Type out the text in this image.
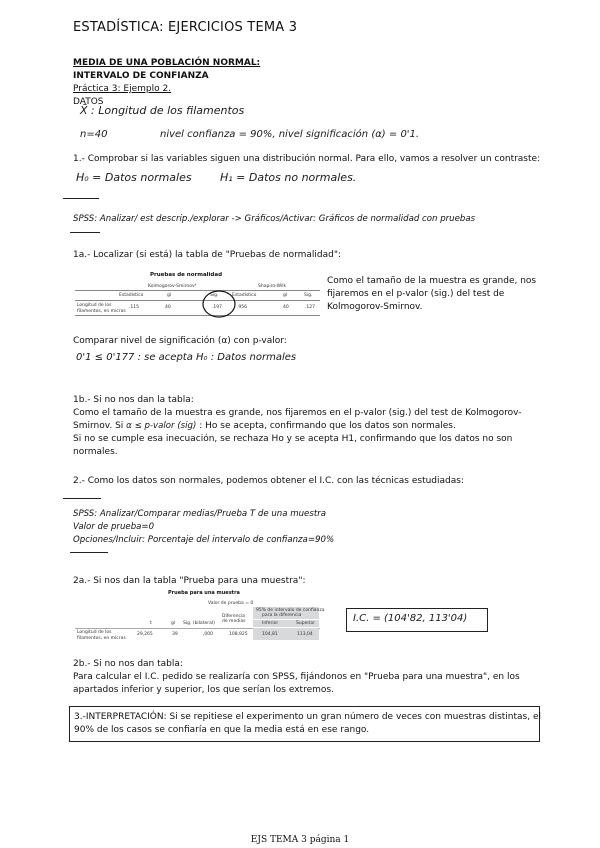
ESTADÍSTICA: EJERCICIOS TEMA 3
MEDIA DE UNA POBLACIÓN NORMAL:
INTERVALO DE CONFIANZA
Práctica 3: Ejemplo 2.
DATOS
X̄ : Longitud de los filamentos
n=40	nivel confianza = 90%, nivel significación (α) = 0'1.
1.- Comprobar si las variables siguen una distribución normal. Para ello, vamos a resolver un contraste:
H₀ = Datos normales	H₁ = Datos no normales.
SPSS: Analizar/ est descrip./explorar -> Gráficos/Activar: Gráficos de normalidad con pruebas
1a.- Localizar (si está) la tabla de "Pruebas de normalidad":
Pruebas de normalidad
Kolmogorov-Smirnovᵃ	Shapiro-Wilk
Estadístico	gl	Sig.	Estadístico	gl	Sig.
Longitud de los
filamentos, en micras
.115	40	.197	.956	40	.127
Como el tamaño de la muestra es grande, nos
fijaremos en el p-valor (sig.) del test de
Kolmogorov-Smirnov.
Comparar nivel de significación (α) con p-valor:
0'1 ≤ 0'177 : se acepta H₀ : Datos normales
1b.- Si no nos dan la tabla:
Como el tamaño de la muestra es grande, nos fijaremos en el p-valor (sig.) del test de Kolmogorov-
Smirnov. Si α ≤ p-valor (sig) : Ho se acepta, confirmando que los datos son normales.
Si no se cumple esa inecuación, se rechaza Ho y se acepta H1, confirmando que los datos no son
normales.
2.- Como los datos son normales, podemos obtener el I.C. con las técnicas estudiadas:
SPSS: Analizar/Comparar medias/Prueba T de una muestra
Valor de prueba=0
Opciones/Incluir: Porcentaje del intervalo de confianza=90%
2a.- Si nos dan la tabla "Prueba para una muestra":
Prueba para una muestra
Valor de prueba = 0
95% de intervalo de confianza
para la diferencia
t	gl Sig. (bilateral)
Diferencia de medias	Inferior	Superior
Longitud de los
filamentos, en micras
29,265	39	,000	108,925	104,81	113,04
I.C. = (104'82, 113'04)
2b.- Si no nos dan tabla:
Para calcular el I.C. pedido se realizaría con SPSS, fijándonos en "Prueba para una muestra", en los
apartados inferior y superior, los que serían los extremos.
3.-INTERPRETACIÓN: Si se repitiese el experimento un gran número de veces con muestras distintas, el
90% de los casos se confiaría en que la media está en ese rango.
EJS TEMA 3 página 1
